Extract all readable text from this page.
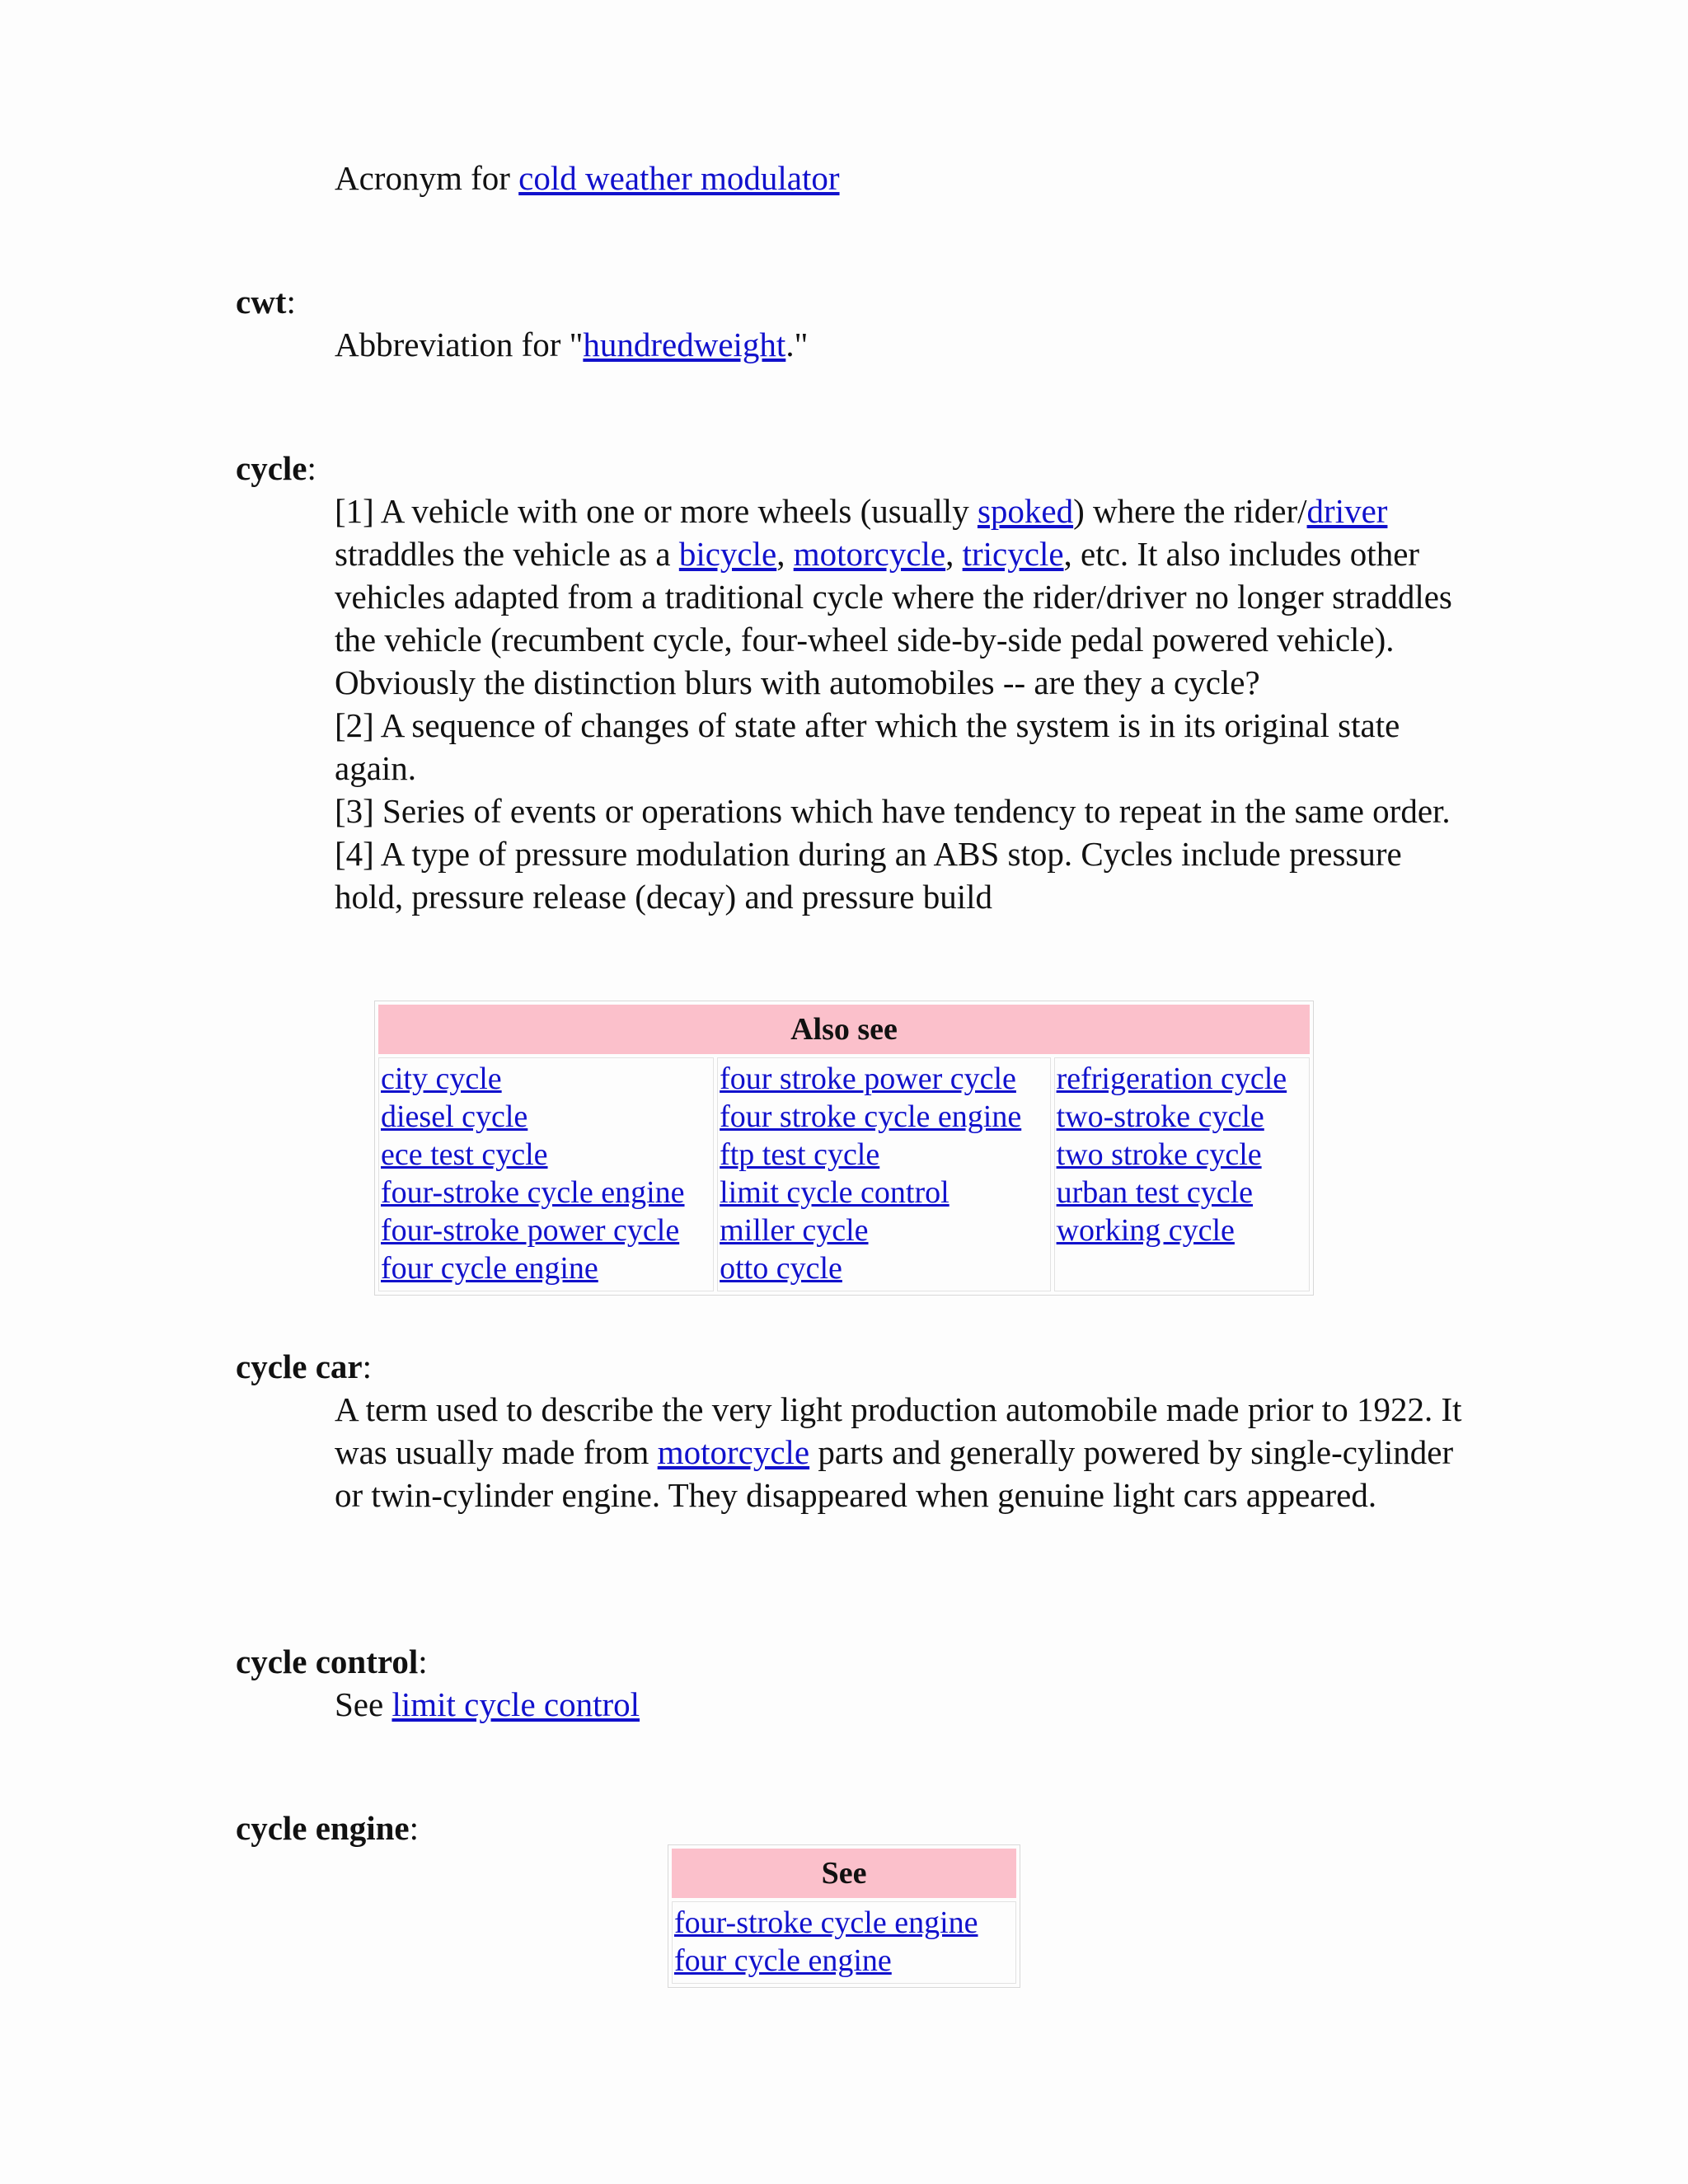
Acronym for cold weather modulator
cwt:
Abbreviation for "hundredweight."
cycle:

[1] A vehicle with one or more wheels (usually spoked) where the rider/driver straddles the vehicle as a bicycle, motorcycle, tricycle, etc. It also includes other vehicles adapted from a traditional cycle where the rider/driver no longer straddles the vehicle (recumbent cycle, four-wheel side-by-side pedal powered vehicle). Obviously the distinction blurs with automobiles -- are they a cycle?

[2] A sequence of changes of state after which the system is in its original state again.

[3] Series of events or operations which have tendency to repeat in the same order.

[4] A type of pressure modulation during an ABS stop. Cycles include pressure hold, pressure release (decay) and pressure build

Also see

city cycle
diesel cycle
ece test cycle
four-stroke cycle engine
four-stroke power cycle
four cycle engine

four stroke power cycle
four stroke cycle engine
ftp test cycle
limit cycle control
miller cycle
otto cycle

refrigeration cycle
two-stroke cycle
two stroke cycle
urban test cycle
working cycle
cycle car:
A term used to describe the very light production automobile made prior to 1922. It was usually made from motorcycle parts and generally powered by single-cylinder or twin-cylinder engine. They disappeared when genuine light cars appeared.
cycle control:
See limit cycle control
cycle engine:
See

four-stroke cycle engine
four cycle engine
